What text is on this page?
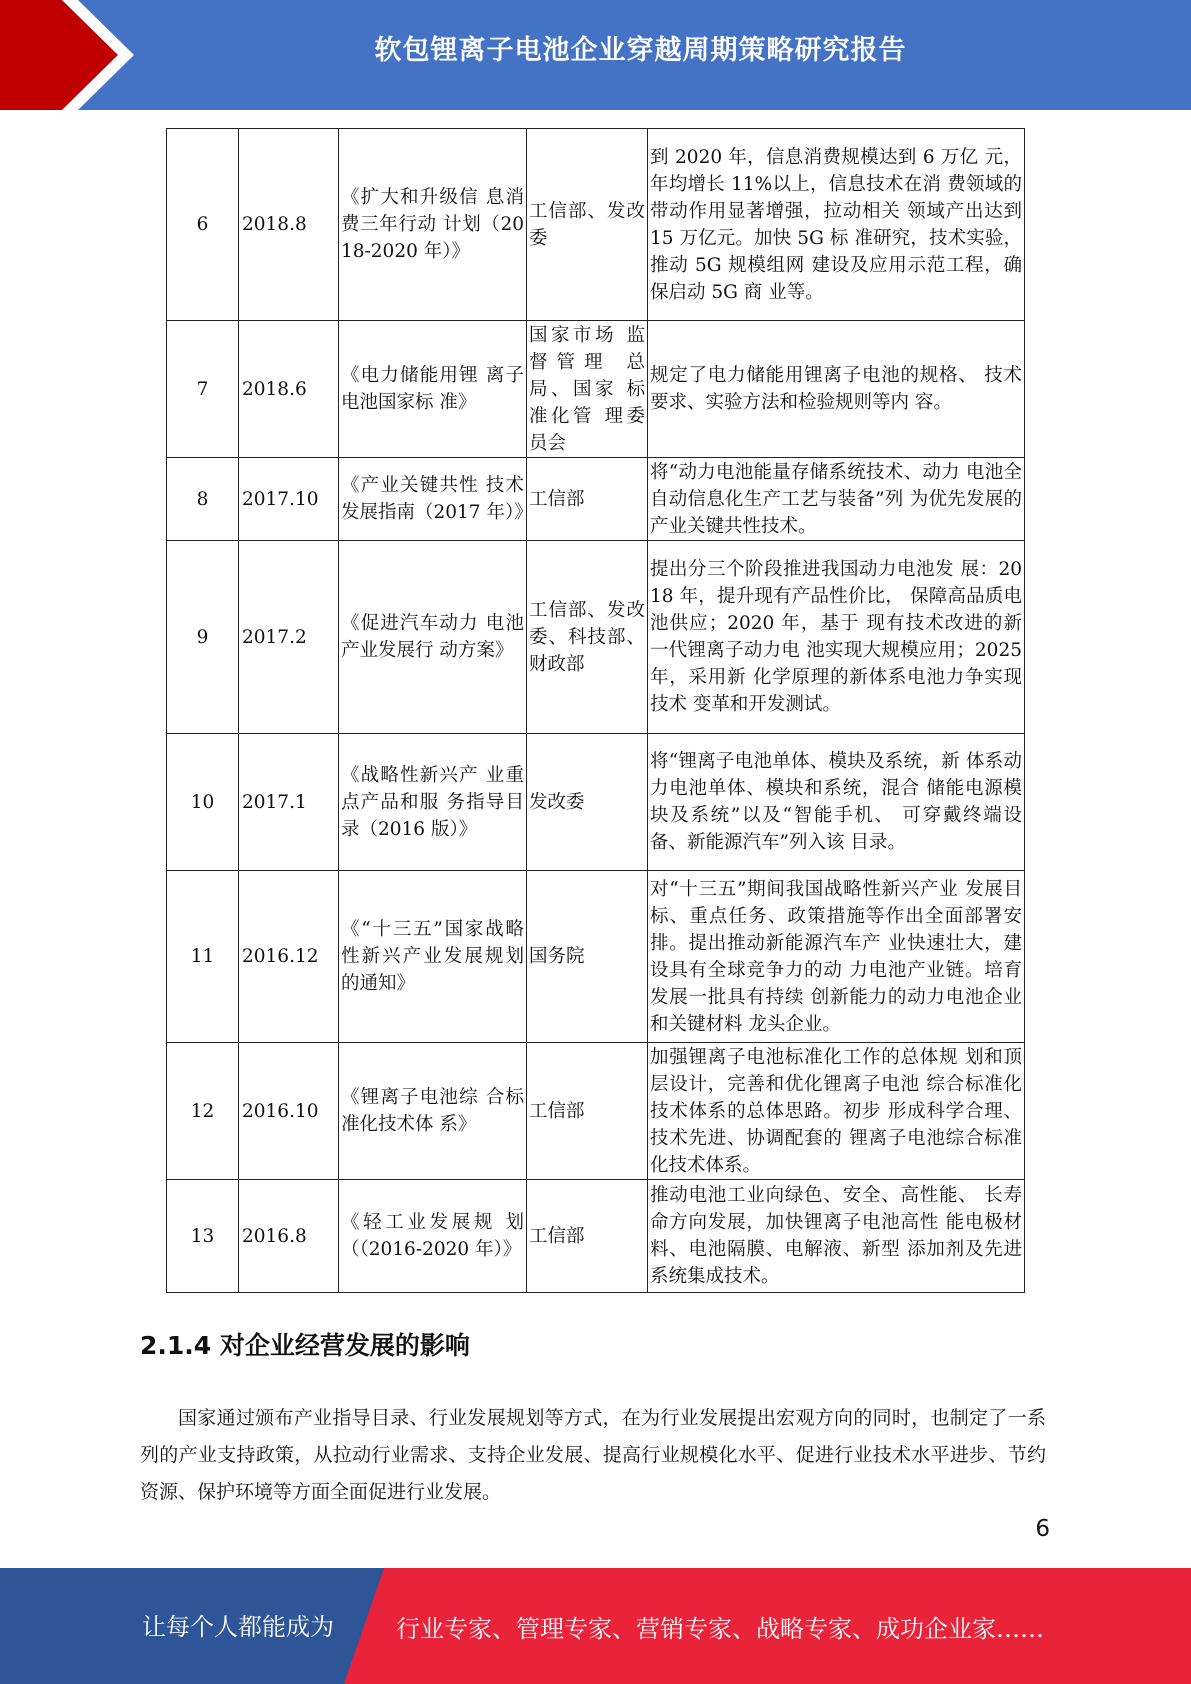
软包锂离子电池企业穿越周期策略研究报告
6	2018.8	《扩大和升级信 息消费三年行动 计划（2018-2020 年）》	工信部、发改委	到 2020 年，信息消费规模达到 6 万亿 元，年均增长 11%以上，信息技术在消 费领域的带动作用显著增强，拉动相关 领域产出达到 15 万亿元。加快 5G 标 准研究，技术实验，推动 5G 规模组网 建设及应用示范工程，确保启动 5G 商 业等。
7	2018.6	《电力储能用锂 离子电池国家标 准》	国家市场 监督管理 总局、国家 标准化管 理委员会	规定了电力储能用锂离子电池的规格、 技术要求、实验方法和检验规则等内 容。
8	2017.10	《产业关键共性 技术发展指南（2017 年）》	工信部	将“动力电池能量存储系统技术、动力 电池全自动信息化生产工艺与装备”列 为优先发展的产业关键共性技术。
9	2017.2	《促进汽车动力 电池产业发展行 动方案》	工信部、发改委、科技部、财政部	提出分三个阶段推进我国动力电池发 展：2018 年，提升现有产品性价比， 保障高品质电池供应；2020 年，基于 现有技术改进的新一代锂离子动力电 池实现大规模应用；2025 年，采用新 化学原理的新体系电池力争实现技术 变革和开发测试。
10	2017.1	《战略性新兴产 业重点产品和服 务指导目录（2016 版）》	发改委	将“锂离子电池单体、模块及系统，新 体系动力电池单体、模块和系统，混合 储能电源模块及系统”以及“智能手机、 可穿戴终端设备、新能源汽车”列入该 目录。
11	2016.12	《“十三五”国家战略性新兴产业发展规划的通知》	国务院	对“十三五”期间我国战略性新兴产业 发展目标、重点任务、政策措施等作出全面部署安排。提出推动新能源汽车产 业快速壮大，建设具有全球竞争力的动 力电池产业链。培育发展一批具有持续 创新能力的动力电池企业和关键材料 龙头企业。
12	2016.10	《锂离子电池综 合标准化技术体 系》	工信部	加强锂离子电池标准化工作的总体规 划和顶层设计，完善和优化锂离子电池 综合标准化技术体系的总体思路。初步 形成科学合理、技术先进、协调配套的 锂离子电池综合标准化技术体系。
13	2016.8	《轻工业发展规 划（（2016-2020 年）》	工信部	推动电池工业向绿色、安全、高性能、 长寿命方向发展，加快锂离子电池高性 能电极材料、电池隔膜、电解液、新型 添加剂及先进系统集成技术。
2.1.4 对企业经营发展的影响

国家通过颁布产业指导目录、行业发展规划等方式，在为行业发展提出宏观方向的同时，也制定了一系列的产业支持政策，从拉动行业需求、支持企业发展、提高行业规模化水平、促进行业技术水平进步、节约资源、保护环境等方面全面促进行业发展。

6
让每个人都能成为	行业专家、管理专家、营销专家、战略专家、成功企业家……
